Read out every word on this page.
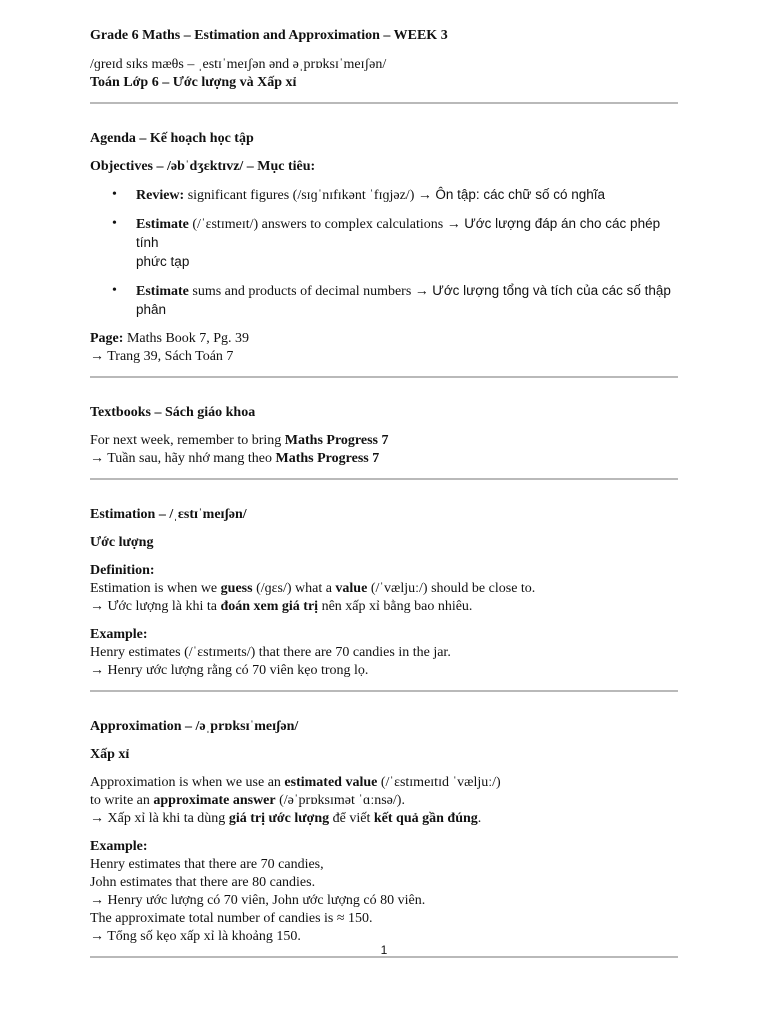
Grade 6 Maths – Estimation and Approximation – WEEK 3
/ɡreɪd sɪks mæθs – ˌestɪˈmeɪʃən ənd əˌprɒksɪˈmeɪʃən/
Toán Lớp 6 – Ước lượng và Xấp xỉ
Agenda – Kế hoạch học tập
Objectives – /əbˈdʒɛktɪvz/ – Mục tiêu:
• Review: significant figures (/sɪɡˈnɪfɪkənt ˈfɪɡjəz/) → Ôn tập: các chữ số có nghĩa
• Estimate (/ˈɛstɪmeɪt/) answers to complex calculations → Ước lượng đáp án cho các phép tính
phức tạp
• Estimate sums and products of decimal numbers → Ước lượng tổng và tích của các số thập phân
Page: Maths Book 7, Pg. 39
→ Trang 39, Sách Toán 7
Textbooks – Sách giáo khoa
For next week, remember to bring Maths Progress 7
→ Tuần sau, hãy nhớ mang theo Maths Progress 7
Estimation – /ˌɛstɪˈmeɪʃən/
Ước lượng
Definition:
Estimation is when we guess (/ɡɛs/) what a value (/ˈvæljuː/) should be close to.
→ Ước lượng là khi ta đoán xem giá trị nên xấp xỉ bằng bao nhiêu.
Example:
Henry estimates (/ˈɛstɪmeɪts/) that there are 70 candies in the jar.
→ Henry ước lượng rằng có 70 viên kẹo trong lọ.
Approximation – /əˌprɒksɪˈmeɪʃən/
Xấp xỉ
Approximation is when we use an estimated value (/ˈɛstɪmeɪtɪd ˈvæljuː/)
to write an approximate answer (/əˈprɒksɪmət ˈɑːnsə/).
→ Xấp xỉ là khi ta dùng giá trị ước lượng để viết kết quả gần đúng.
Example:
Henry estimates that there are 70 candies,
John estimates that there are 80 candies.
→ Henry ước lượng có 70 viên, John ước lượng có 80 viên.
The approximate total number of candies is ≈ 150.
→ Tổng số kẹo xấp xỉ là khoảng 150.
1
